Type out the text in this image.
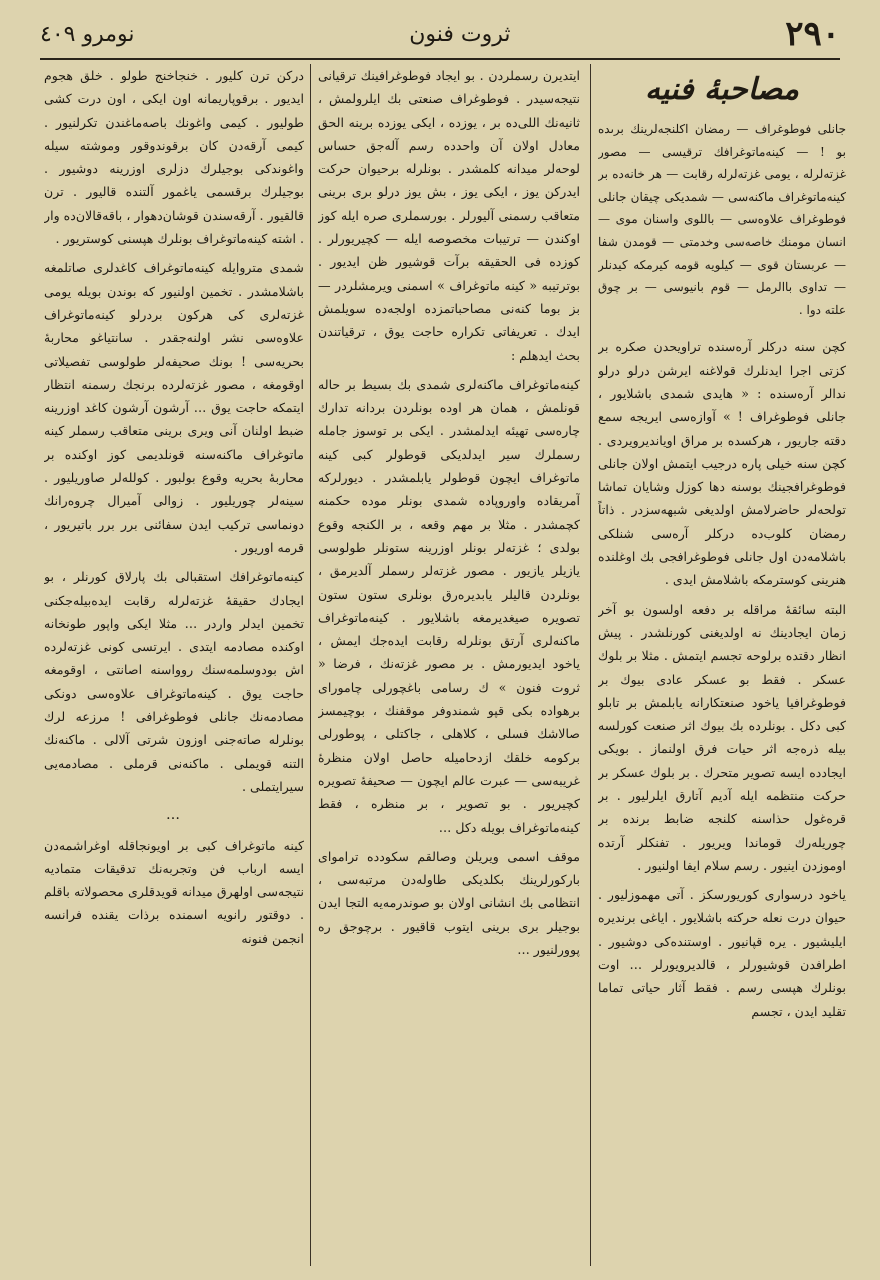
نومرو ٤٠٩	ثروت فنون	۲۹۰
مصاحبهٔ فنیه

جانلی فوطوغراف — رمضان اکلنجه‌لرینك برىده بو ! — كينه‌ماتوغرافك ترقيسى — مصور غزته‌لرله ، يومى غزته‌لرله رقابت — هر خانه‌ده بر كينه‌ماتوغراف ماكنه‌سى — شمديكى چيقان جانلی فوطوغراف علاوه‌سى — باللوى واسنان موى — انسان مومنك خاصه‌سى وخدمتى — قومدن شفا — عربستان قوى — كيلويه قومه كيرمكه كيدنلر — تداوى باالرمل — قوم بانيوسى — بر چوق علته دوا .

كچن سنه دركلر آره‌سنده تراويحدن صكره بر كزتى اجرا ايدنلرك قولاغنه ايرشن درلو درلو ندالر آره‌سنده : « هايدى شمدى باشلايور ، جانلی فوطوغراف ! » آوازه‌سى ايريجه سمع دقته جاريور ، هركسده بر مراق اويانديرويردى . كچن سنه خيلى پاره درجيب ايتمش اولان جانلی فوطوغرافجينك بوسنه دها كوزل وشايان تماشا تولحه‌لر حاضرلامش اولديغى شبهه‌سزدر . ذاتاً رمضان كلوب‌ده دركلر آره‌سى شنلكى باشلامه‌دن اول جانلی فوطوغرافجى بك اوغلنده هنرينى كوسترمكه باشلامش ايدى .

البته سائقهٔ مراقله بر دفعه اولسون بو آخر زمان ايجادينك نه اولديغنى كورنلشدر . پيش انظار دقتده برلوحه تجسم ايتمش . مثلا بر بلوك عسكر . فقط بو عسكر عادى بيوك بر فوطوغرافيا ياخود صنعتكارانه يابلمش بر تابلو كبى دكل . بونلرده بك بيوك اثر صنعت كورلسه بيله ذره‌جه اثر حيات فرق اولنماز . بويكى ايجادده ايسه تصوير متحرك . بر بلوك عسكر بر حركت منتظمه ايله آديم آتارق ايلرليور . بر قره‌غول حذاسنه كلنجه ضابط برنده بر چوريله‌رك قوماندا ويريور . تفنكلر آرتده اوموزدن اينيور . رسم سلام ايفا اولنيور .

ياخود درسوارى كوريورسكز . آتى مهموزليور . حيوان درت نعله حركته باشلايور . اياغى برنديره ايليشيور . يره قپانيور . اوستنده‌كى دوشيور . اطرافدن قوشيورلر ، قالديرويورلر … اوت بونلرك هپسى رسم . فقط آثار حياتى تماما تقليد ايدن ، تجسم

ايتديرن رسملردن . بو ايجاد فوطوغرافينك ترقيانى نتيجه‌سيدر . فوطوغراف صنعتى بك ايلرولمش ، ثانيه‌نك اللى‌ده بر ، يوزده ، ايكى يوزده برينه الحق معادل اولان آن واحدده رسم آله‌جق حساس لوحه‌لر ميدانه كلمشدر . بونلرله برحيوان حركت ايدركن يوز ، ايكى يوز ، بش يوز درلو برى برينى متعاقب رسمنى آليورلر . بورسملرى صره ايله كوز اوكندن — ترتيبات مخصوصه ايله — كچيريورلر . كوزده فى الحقيقه برآت قوشيور ظن ايديور . بوترتيبه « كينه ماتوغراف » اسمنى ويرمشلردر — بز بوما كنه‌نى مصاحباتمزده اولجه‌ده سويلمش ايدك . تعريفاتى تكراره حاجت يوق ، ترقياتندن بحث ايدهلم :

كينه‌ماتوغراف ماكنه‌لرى شمدى بك بسيط بر حاله قونلمش ، همان هر اوده بونلردن بردانه تدارك چاره‌سى تهيئه ايدلمشدر . ايكى بر توسوز جامله رسملرك سير ايدلديكى قوطولر كبى كينه ماتوغراف ايچون قوطولر يابلمشدر . ديورلركه آمريقاده واوروپاده شمدى بونلر موده حكمنه كچمشدر . مثلا بر مهم وقعه ، بر الكنجه وقوع بولدى ؛ غزته‌لر بونلر اوزرينه ستونلر طولوسى يازيلر يازيور . مصور غزته‌لر رسملر آلديرمق ، بونلردن قاليلر يابديره‌رق بونلرى ستون ستون تصويره صيغديرمغه باشلايور . كينه‌ماتوغراف ماكنه‌لرى آرتق بونلرله رقابت ايده‌جك ايمش ، ياخود ايديورمش . بر مصور غزته‌نك ، فرضا « ثروت فنون » ك رسامى باغچورلى چاموراى برهواده بكى قپو شمندوفر موقفنك ، بوچيمسز صالاشك فسلى ، كلاهلى ، جاكتلى ، پوطورلى بركومه خلقك ازدحامیله حاصل اولان منظرهٔ غريبه‌سى — عبرت عالم ايچون — صحيفهٔ تصويره كچيريور . بو تصوير ، بر منظره ، فقط كينه‌ماتوغراف بويله دكل …

موقف اسمى ويريلن وصالقم سكودده ترامواى باركورلرينك بكلديكى طاوله‌دن مرتبه‌سى ، انتظامى بك انشانى اولان بو صوندرمه‌يه التجا ايدن بوجيلر برى برينى ايتوب قاقيور . برچوجق ره پوورلنيور …

دركن ترن كليور . خنجاخنج طولو . خلق هجوم ايديور . برقوپاريمانه اون ايكى ، اون درت كشى طوليور . كيمى واغونك باصه‌ماغندن تكرلنيور . كيمى آرقه‌دن كان برقوندوقور وموشته سيله واغوندكى بوجيلرك دزلرى اوزرينه دوشيور . بوجيلرك برقسمى ياغمور آلتنده قاليور . ترن قالقيور . آرقه‌سندن قوشان‌دهوار ، باقه‌قالان‌ده وار . اشته كينه‌ماتوغراف بونلرك هپسنى كوستريور .

شمدى متروايله كينه‌ماتوغراف كاغدلرى صاتلمغه باشلامشدر . تخمين اولنيور كه بوندن بويله يومى غزته‌لرى كى هركون بردرلو كينه‌ماتوغراف علاوه‌سى نشر اولنه‌جقدر . سانتياغو محاربهٔ بحريه‌سى ! بونك صحيفه‌لر طولوسى تفصيلاتى اوقومغه ، مصور غزته‌لرده برنجك رسمنه انتظار ايتمكه حاجت يوق … آرشون آرشون كاغد اوزرينه ضبط اولنان آنى ويرى برينى متعاقب رسملر كينه ماتوغراف ماكنه‌سنه قونلديمى كوز اوكنده بر محاربهٔ بحريه وقوع بولبور . كولله‌لر صاوريليور . سينه‌لر چوريليور . زوالى آميرال چروه‌رانك دونماسى تركيب ايدن سفائنى برر برر باتيريور ، قرمه اوريور .

كينه‌ماتوغرافك استقبالى بك پارلاق كورنلر ، بو ايجادك حقيقهٔ غزته‌لرله رقابت ايده‌بيله‌جكنى تخمين ايدلر واردر … مثلا ايكى واپور طونخانه اوكنده مصادمه ايتدى . ايرتسى كونى غزته‌لرده اش بودوسلمه‌سنك روواسنه اصانتى ، اوقومغه حاجت يوق . كينه‌ماتوغراف علاوه‌سى دونكى مصادمه‌نك جانلی فوطوغرافى ! مرزعه لرك بونلرله صاته‌جنى اوزون شرتى آلالى . ماكنه‌نك التنه قويملى . ماكنه‌نى قرملى . مصادمه‌يى سيرايتملى .

…

كينه ماتوغراف كبى بر اويونجاقله اوغراشمه‌دن ايسه ارباب فن وتجربه‌نك تدقيقات متماديه نتيجه‌سى اولهرق ميدانه قويدقلرى محصولاته باقلم . دوقتور رانويه اسمنده برذات يقنده فرانسه انجمن فنونه
